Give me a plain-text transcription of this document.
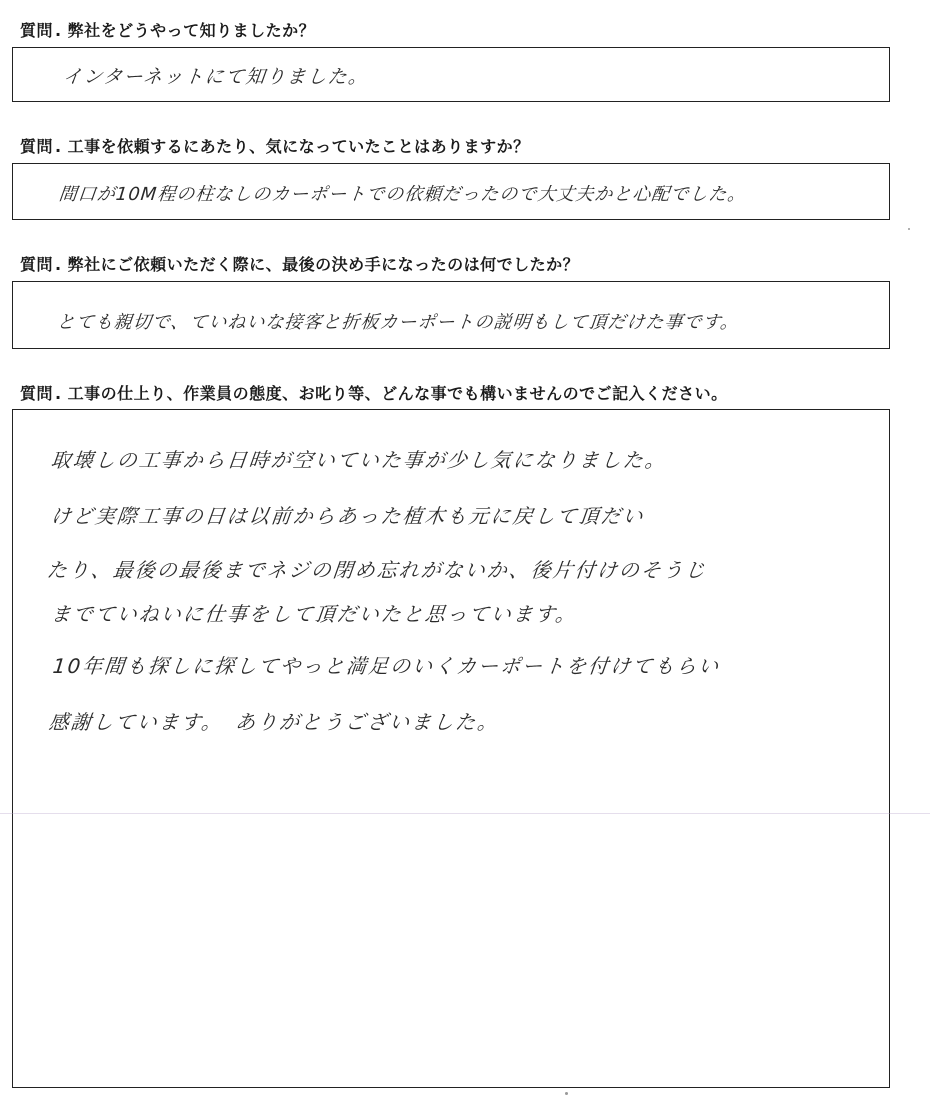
質問 . 弊社をどうやって知りましたか？
インターネットにて知りました。
質問 . 工事を依頼するにあたり、気になっていたことはありますか？
間口が10M程の柱なしのカーポートでの依頼だったので大丈夫かと心配でした。
質問 . 弊社にご依頼いただく際に、最後の決め手になったのは何でしたか？
とても親切で、ていねいな接客と折板カーポートの説明もして頂だけた事です。
質問 . 工事の仕上り、作業員の態度、お叱り等、どんな事でも構いませんのでご記入ください。
取壊しの工事から日時が空いていた事が少し気になりました。
けど実際工事の日は以前からあった植木も元に戻して頂だい
たり、最後の最後までネジの閉め忘れがないか、後片付けのそうじ
までていねいに仕事をして頂だいたと思っています。
10年間も探しに探してやっと満足のいくカーポートを付けてもらい
感謝しています。　ありがとうございました。
